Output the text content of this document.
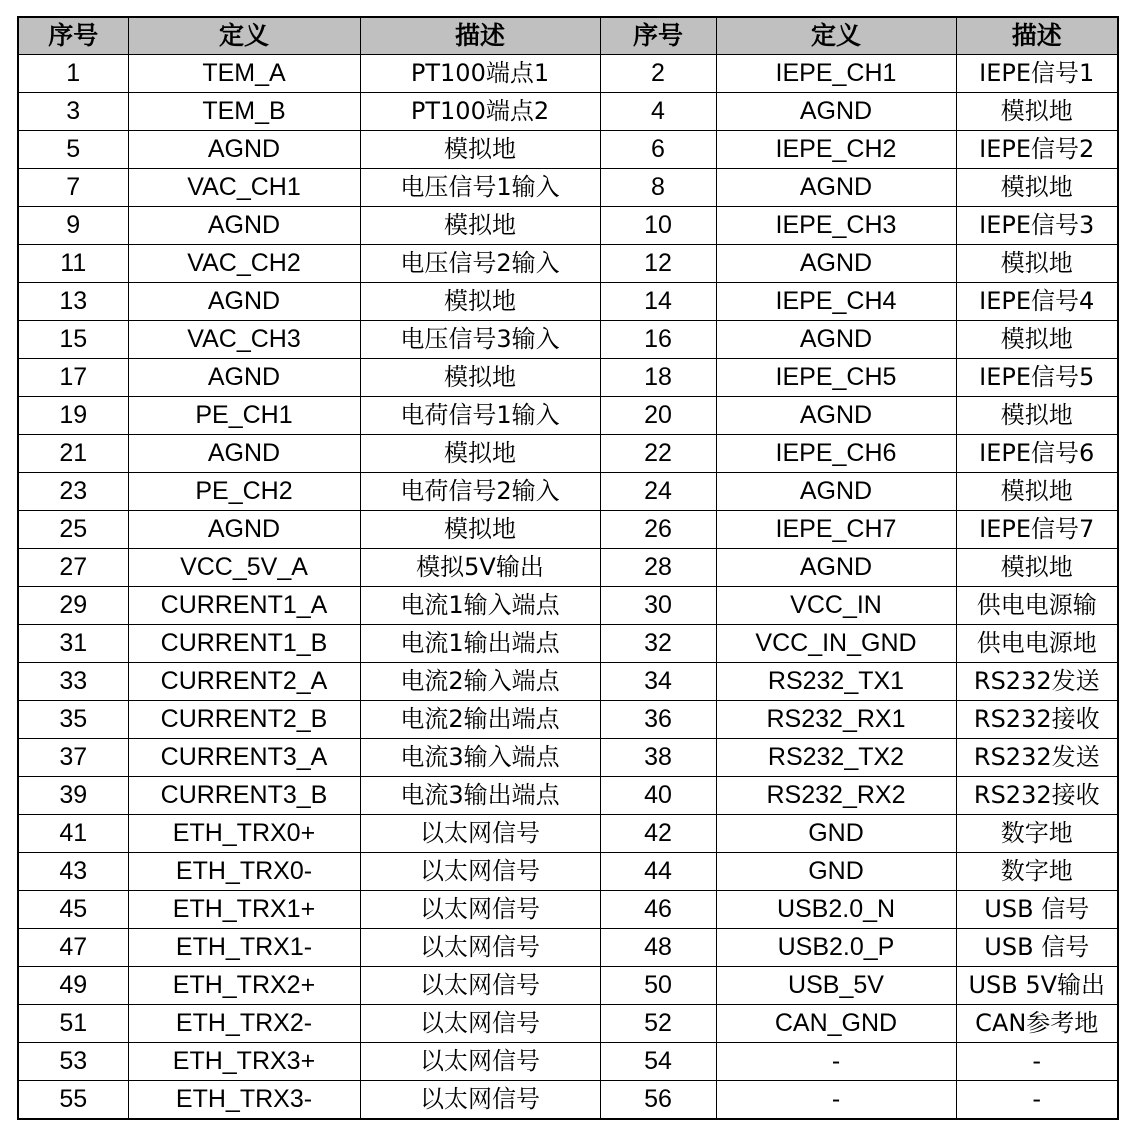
序号	定义	描述	序号	定义	描述
1	TEM_A	PT100端点1	2	IEPE_CH1	IEPE信号1
3	TEM_B	PT100端点2	4	AGND	模拟地
5	AGND	模拟地	6	IEPE_CH2	IEPE信号2
7	VAC_CH1	电压信号1输入	8	AGND	模拟地
9	AGND	模拟地	10	IEPE_CH3	IEPE信号3
11	VAC_CH2	电压信号2输入	12	AGND	模拟地
13	AGND	模拟地	14	IEPE_CH4	IEPE信号4
15	VAC_CH3	电压信号3输入	16	AGND	模拟地
17	AGND	模拟地	18	IEPE_CH5	IEPE信号5
19	PE_CH1	电荷信号1输入	20	AGND	模拟地
21	AGND	模拟地	22	IEPE_CH6	IEPE信号6
23	PE_CH2	电荷信号2输入	24	AGND	模拟地
25	AGND	模拟地	26	IEPE_CH7	IEPE信号7
27	VCC_5V_A	模拟5V输出	28	AGND	模拟地
29	CURRENT1_A	电流1输入端点	30	VCC_IN	供电电源输
31	CURRENT1_B	电流1输出端点	32	VCC_IN_GND	供电电源地
33	CURRENT2_A	电流2输入端点	34	RS232_TX1	RS232发送
35	CURRENT2_B	电流2输出端点	36	RS232_RX1	RS232接收
37	CURRENT3_A	电流3输入端点	38	RS232_TX2	RS232发送
39	CURRENT3_B	电流3输出端点	40	RS232_RX2	RS232接收
41	ETH_TRX0+	以太网信号	42	GND	数字地
43	ETH_TRX0-	以太网信号	44	GND	数字地
45	ETH_TRX1+	以太网信号	46	USB2.0_N	USB 信号
47	ETH_TRX1-	以太网信号	48	USB2.0_P	USB 信号
49	ETH_TRX2+	以太网信号	50	USB_5V	USB 5V输出
51	ETH_TRX2-	以太网信号	52	CAN_GND	CAN参考地
53	ETH_TRX3+	以太网信号	54	-	-
55	ETH_TRX3-	以太网信号	56	-	-
